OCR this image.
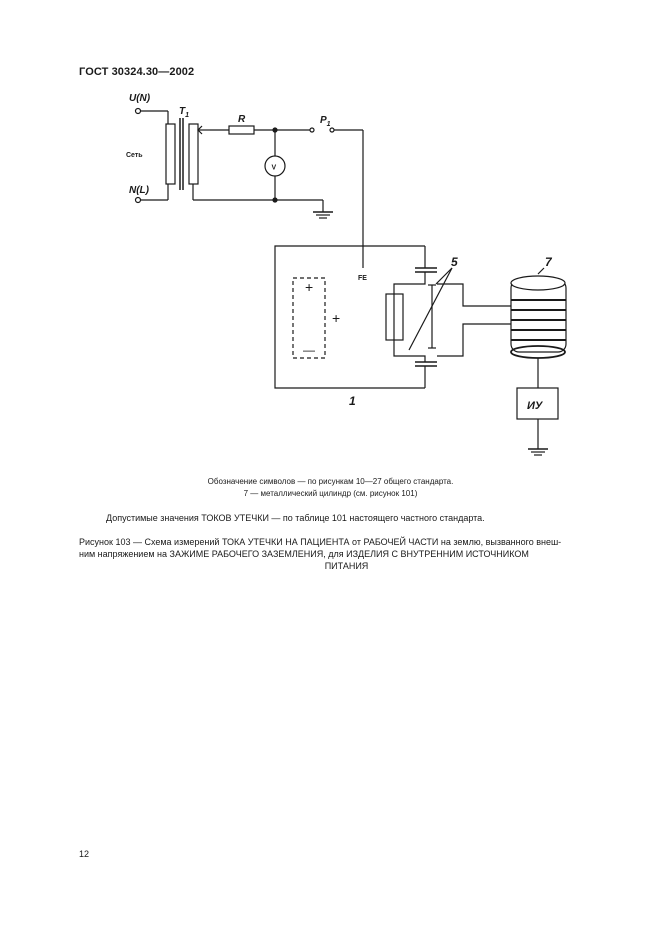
ГОСТ 30324.30—2002
U(N)
N(L)
Сеть
$T_1$	R	$P_1$
V
FE
+
—
+
1
5	7
ИУ
Обозначение символов — по рисункам 10—27 общего стандарта.
7 — металлический цилиндр (см. рисунок 101)
Допустимые значения ТОКОВ УТЕЧКИ — по таблице 101 настоящего частного стандарта.
Рисунок 103 — Схема измерений ТОКА УТЕЧКИ НА ПАЦИЕНТА от РАБОЧЕЙ ЧАСТИ на землю, вызванного внеш-
ним напряжением на ЗАЖИМЕ РАБОЧЕГО ЗАЗЕМЛЕНИЯ, для ИЗДЕЛИЯ С ВНУТРЕННИМ ИСТОЧНИКОМ
ПИТАНИЯ
12
